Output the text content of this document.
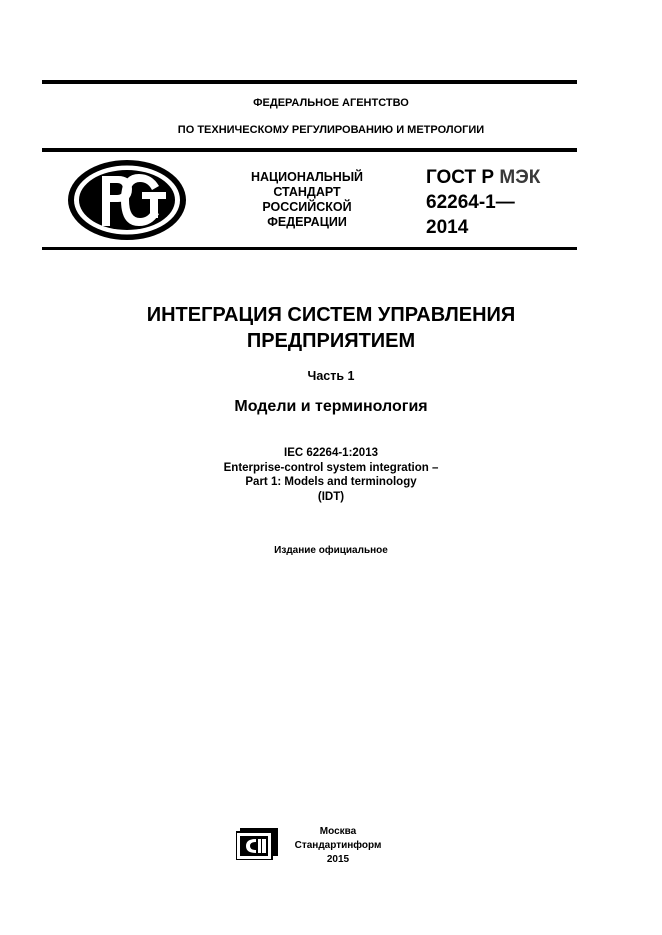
ФЕДЕРАЛЬНОЕ АГЕНТСТВО
ПО ТЕХНИЧЕСКОМУ РЕГУЛИРОВАНИЮ И МЕТРОЛОГИИ
НАЦИОНАЛЬНЫЙ
СТАНДАРТ
РОССИЙСКОЙ
ФЕДЕРАЦИИ
ГОСТ Р МЭК
62264-1—
2014
ИНТЕГРАЦИЯ СИСТЕМ УПРАВЛЕНИЯ
ПРЕДПРИЯТИЕМ
Часть 1
Модели и терминология
IEC 62264-1:2013
Enterprise-control system integration –
Part 1: Models and terminology
(IDT)
Издание официальное
Москва
Стандартинформ
2015
